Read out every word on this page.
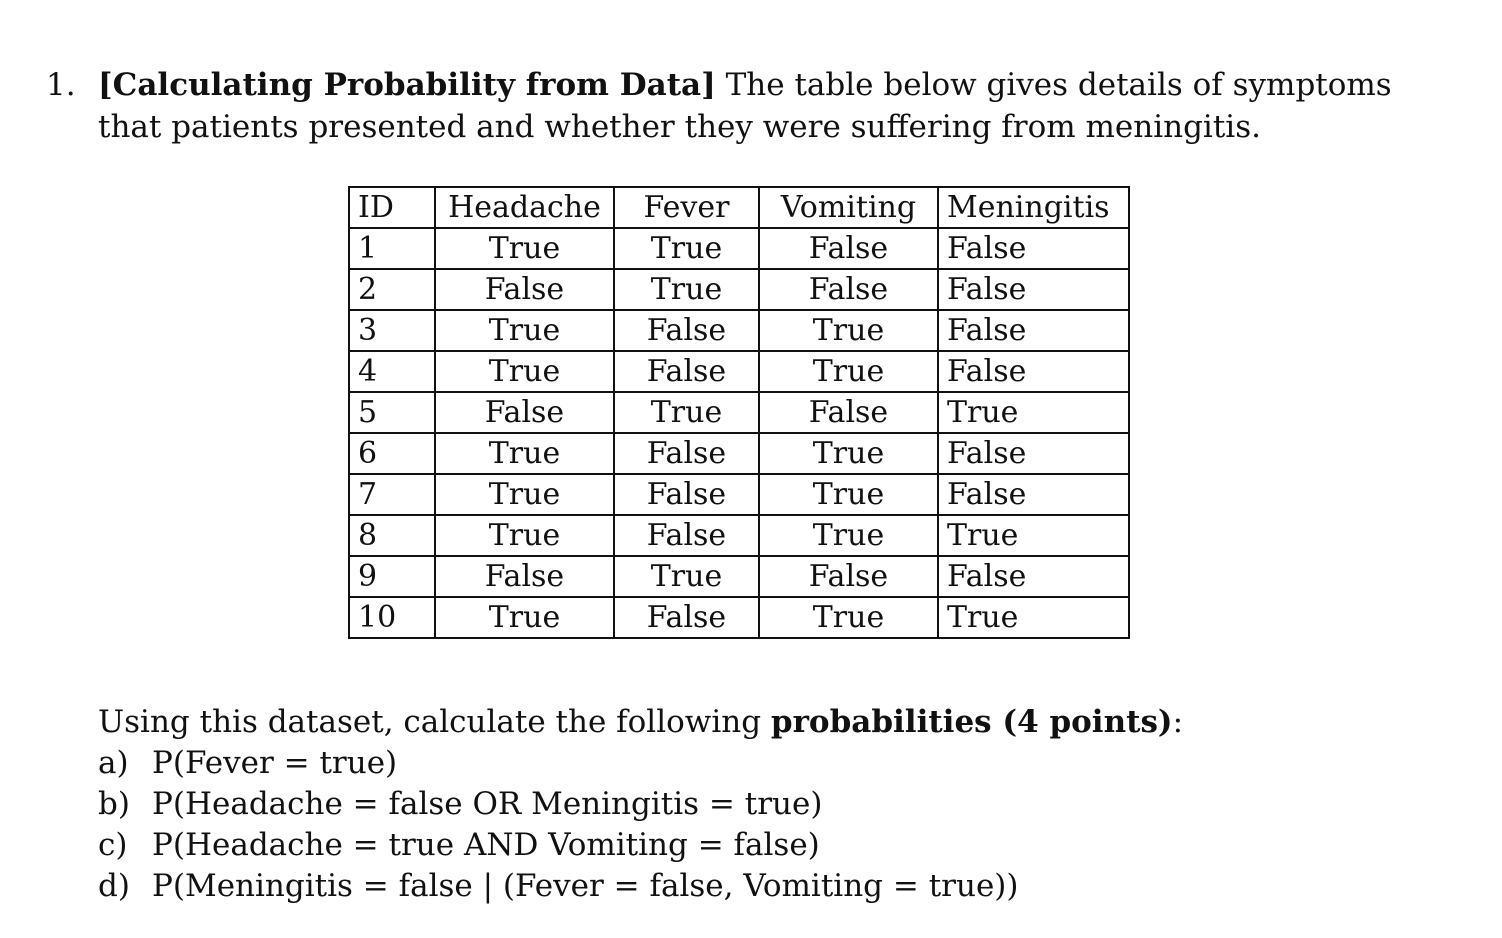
1. [Calculating Probability from Data] The table below gives details of symptoms that patients presented and whether they were suffering from meningitis.
ID	Headache	Fever	Vomiting	Meningitis
1	True	True	False	False
2	False	True	False	False
3	True	False	True	False
4	True	False	True	False
5	False	True	False	True
6	True	False	True	False
7	True	False	True	False
8	True	False	True	True
9	False	True	False	False
10	True	False	True	True
Using this dataset, calculate the following probabilities (4 points):
a) P(Fever = true)
b) P(Headache = false OR Meningitis = true)
c) P(Headache = true AND Vomiting = false)
d) P(Meningitis = false | (Fever = false, Vomiting = true))
